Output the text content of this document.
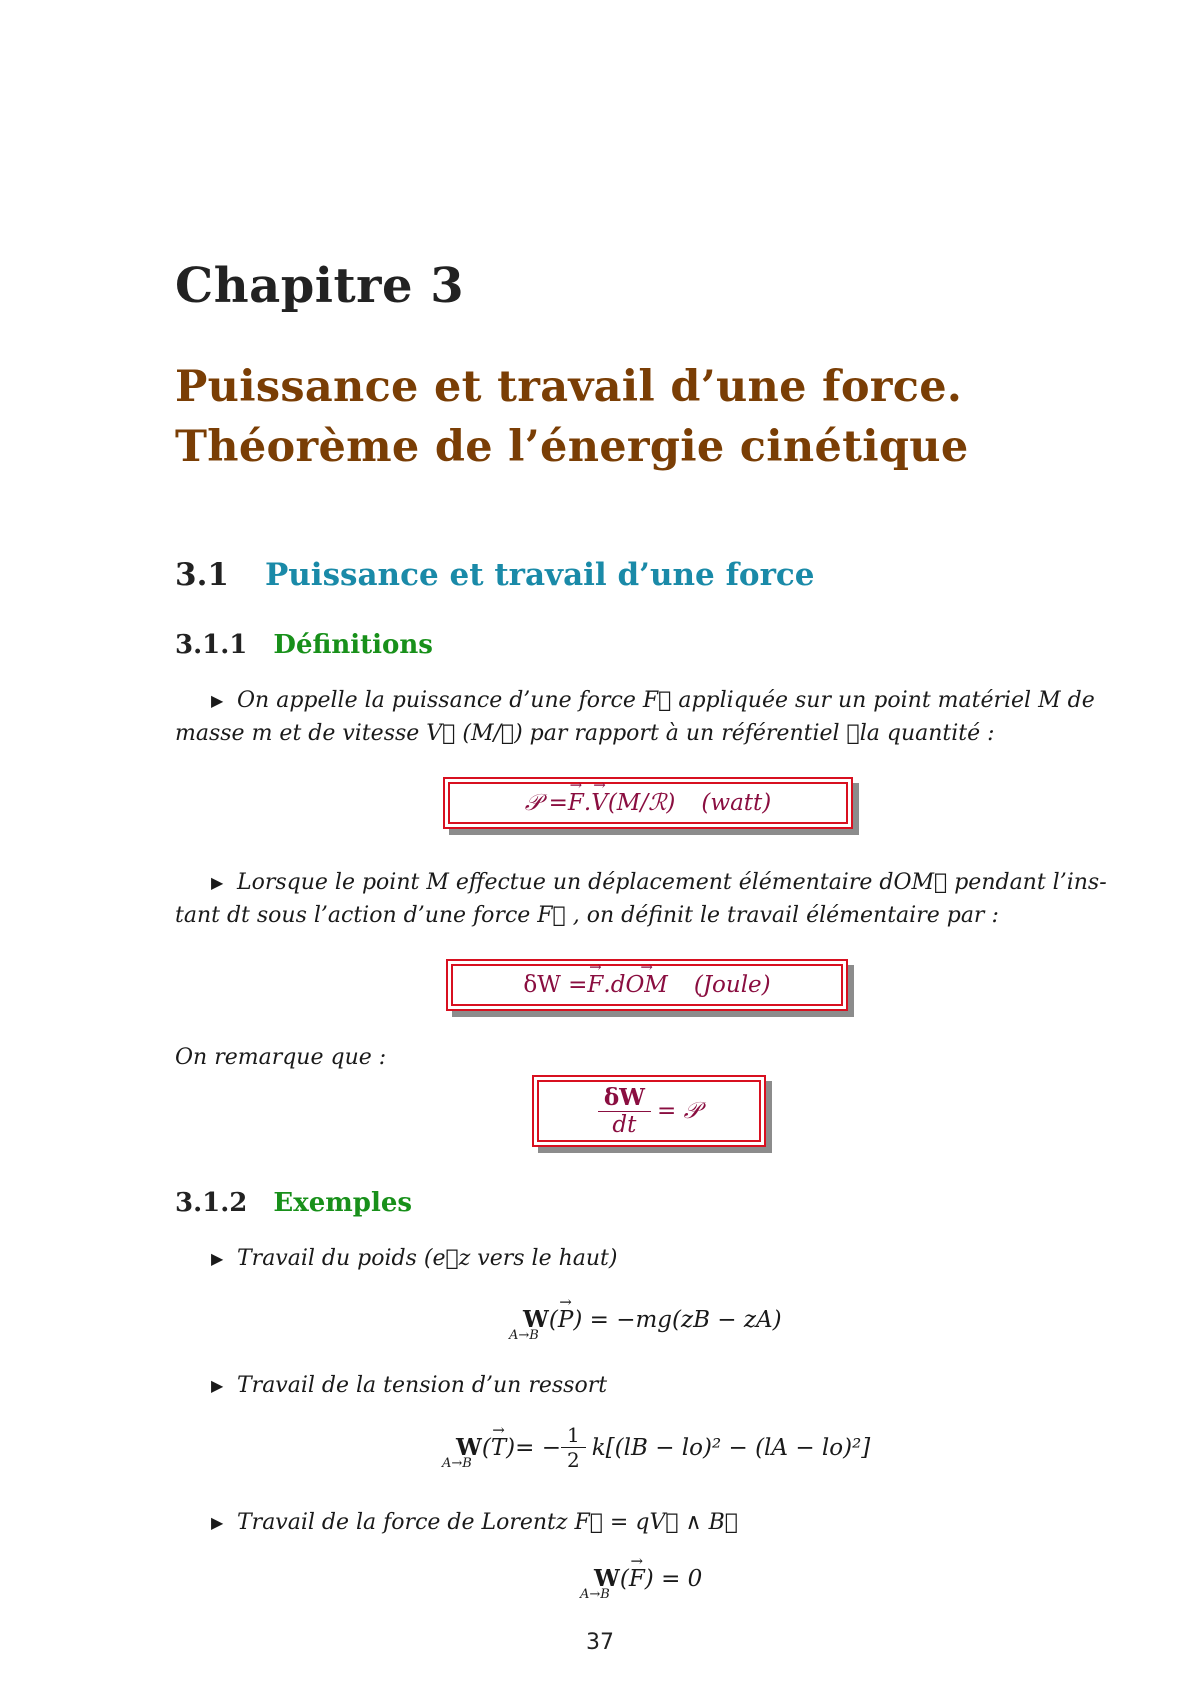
Chapitre 3
Puissance et travail d’une force.
Théorème de l’énergie cinétique
3.1 Puissance et travail d’une force
3.1.1 Définitions
▶ On appelle la puissance d’une force F⃗ appliquée sur un point matériel M de
masse m et de vitesse V⃗ (M/ℛ) par rapport à un référentiel ℛla quantité :
𝒫 = → F . → V (M/ℛ) (watt)
▶ Lorsque le point M effectue un déplacement élémentaire dOM⃗ pendant l’ins-
tant dt sous l’action d’une force F⃗ , on définit le travail élémentaire par :
δW = → F .d → OM (Joule)
On remarque que :
$\frac{\delta W}{dt}$ = 𝒫
3.1.2 Exemples
▶ Travail du poids (e⃗z vers le haut)
W
A→B
(→ P) = −mg(zB − zA)
▶ Travail de la tension d’un ressort
W
A→B
( → T ) = − $\frac{1}{2} k[(lB - lo)^2 - (lA - lo)^2]$
▶ Travail de la force de Lorentz F⃗ = qV⃗ ∧ B⃗
W
A→B
(→ F) = 0
37
